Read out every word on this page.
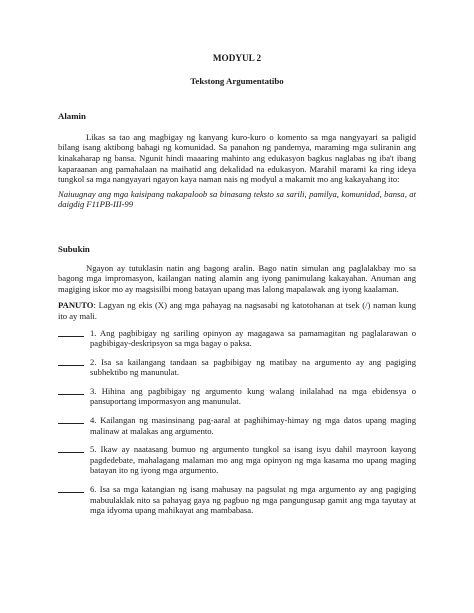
MODYUL 2

Tekstong Argumentatibo

Alamin

Likas sa tao ang magbigay ng kanyang kuro-kuro o komento sa mga nangyayari sa paligid bilang isang aktibong bahagi ng komunidad. Sa panahon ng pandemya, maraming mga suliranin ang kinakaharap ng bansa. Ngunit hindi maaaring mahinto ang edukasyon bagkus naglabas ng iba't ibang kaparaanan ang pamahalaan na maihatid ang dekalidad na edukasyon. Marahil marami ka ring ideya tungkol sa mga nangyayari ngayon kaya naman nais ng modyul a makamit mo ang kakayahang ito:

Naiuugnay ang mga kaisipang nakapaloob sa binasang teksto sa sarili, pamilya, komunidad, bansa, at daigdig F11PB-III-99

Subukin

Ngayon ay tutuklasin natin ang bagong aralin. Bago natin simulan ang paglalakbay mo sa bagong mga impromasyon, kailangan nating alamin ang iyong panimulang kakayahan. Anuman ang magiging iskor mo ay magsisilbi mong batayan upang mas lalong mapalawak ang iyong kaalaman.

PANUTO: Lagyan ng ekis (X) ang mga pahayag na nagsasabi ng katotohanan at tsek (/) naman kung ito ay mali.

1. Ang pagbibigay ng sariling opinyon ay magagawa sa pamamagitan ng paglalarawan o pagbibigay-deskripsyon sa mga bagay o paksa.
2. Isa sa kailangang tandaan sa pagbibigay ng matibay na argumento ay ang pagiging subhektibo ng manunulat.
3. Hihina ang pagbibigay ng argumento kung walang inilalahad na mga ebidensya o pansuportang impormasyon ang manunulat.
4. Kailangan ng masinsinang pag-aaral at paghihimay-himay ng mga datos upang maging malinaw at malakas ang argumento.
5. Ikaw ay naatasang bumuo ng argumento tungkol sa isang isyu dahil mayroon kayong pagdedebate, mahalagang malaman mo ang mga opinyon ng mga kasama mo upang maging batayan ito ng iyong mga argumento.
6. Isa sa mga katangian ng isang mahusay na pagsulat ng mga argumento ay ang pagiging mabuulaklak nito sa pahayag gaya ng pagbuo ng mga pangungusap gamit ang mga tayutay at mga idyoma upang mahikayat ang mambabasa.
